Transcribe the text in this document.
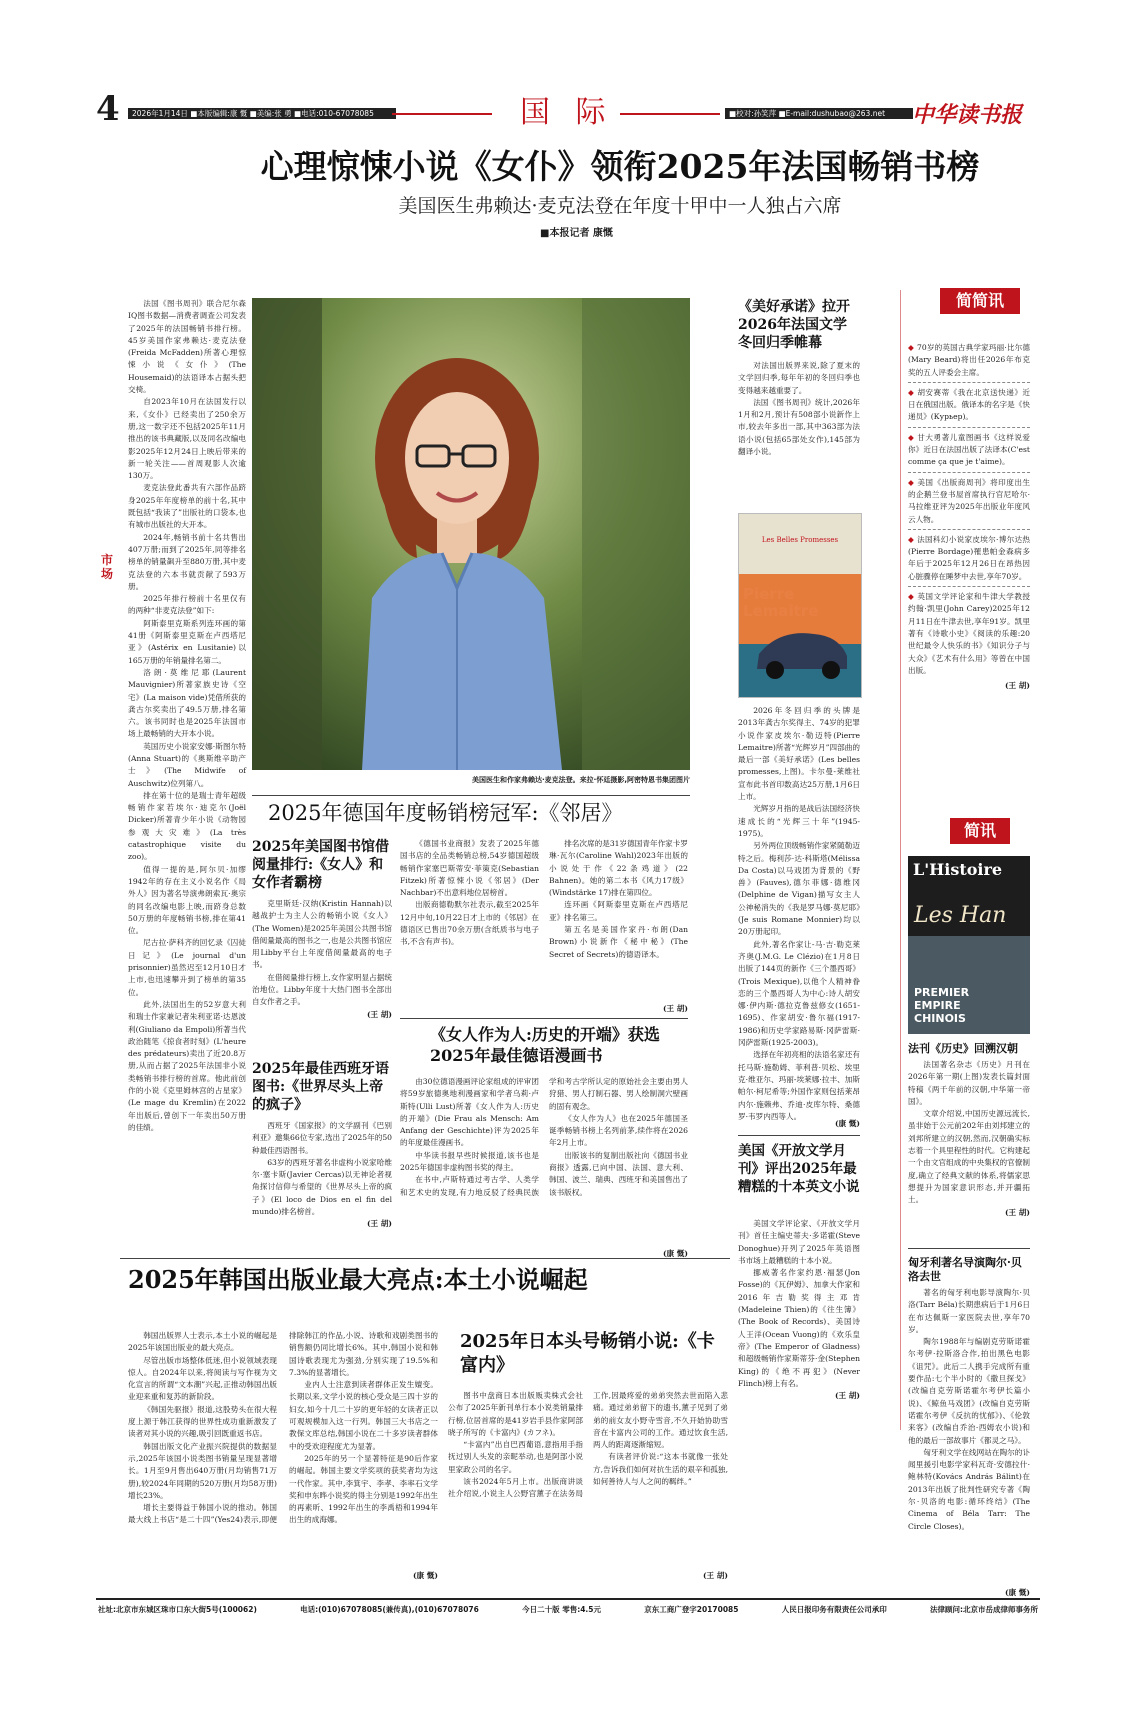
4	2026年1月14日 ■本版编辑:康 慨 ■美编:张 勇 ■电话:010-67078085	国 际	■校对:孙笑萍 ■E-mail:dushubao@263.net	中华读书报
心理惊悚小说《女仆》领衔2025年法国畅销书榜
美国医生弗赖达·麦克法登在年度十甲中一人独占六席
■本报记者 康慨
市场

法国《图书周刊》联合尼尔森IQ图书数据—消费者调查公司发表了2025年的法国畅销书排行榜。45岁美国作家弗赖达·麦克法登(Freida McFadden)所著心理惊悚小说《女仆》(The Housemaid)的法语译本占据头把交椅。

自2023年10月在法国发行以来,《女仆》已经卖出了250余万册,这一数字还不包括2025年11月推出的该书典藏版,以及同名改编电影2025年12月24日上映后带来的新一轮关注——首周观影人次逾130万。

麦克法登此番共有六部作品跻身2025年年度榜单的前十名,其中既包括“我读了”出版社的口袋本,也有城市出版社的大开本。

2024年,畅销书前十名共售出407万册;而到了2025年,同等排名榜单的销量飙升至880万册,其中麦克法登的六本书就贡献了593万册。

2025年排行榜前十名里仅有的两种“非麦克法登”如下:

阿斯泰里克斯系列连环画的第41册《阿斯泰里克斯在卢西塔尼亚》(Astérix en Lusitanie)以165万册的年销量排名第二。

洛朗·莫维尼耶(Laurent Mauvignier)所著家族史诗《空宅》(La maison vide)凭借所获的龚古尔奖卖出了49.5万册,排名第六。该书同时也是2025年法国市场上最畅销的大开本小说。

英国历史小说家安娜·斯图尔特(Anna Stuart)的《奥斯维辛助产士》(The Midwife of Auschwitz)位列第八。

排在第十位的是瑞士青年超级畅销作家若埃尔·迪克尔(Joël Dicker)所著青少年小说《动物园参观大灾难》(La très catastrophique visite du zoo)。

值得一提的是,阿尔贝·加缪1942年的存在主义小说名作《局外人》因为著名导演弗朗索瓦·奥宗的同名改编电影上映,而跻身总数50万册的年度畅销书榜,排在第41位。

尼古拉·萨科齐的回忆录《囚徒日记》(Le journal d'un prisonnier)虽然迟至12月10日才上市,也迅速攀升到了榜单的第35位。

此外,法国出生的52岁意大利和瑞士作家兼记者朱利亚诺·达恩波利(Giuliano da Empoli)所著当代政治随笔《掠食者时刻》(L'heure des prédateurs)卖出了近20.8万册,从而占据了2025年法国非小说类畅销书排行榜的首席。他此前创作的小说《克里姆林宫的占星家》(Le mage du Kremlin)在2022年出版后,曾创下一年卖出50万册的佳绩。

美国医生和作家弗赖达·麦克法登。来拉·怀廷摄影,阿密特恩书集团图片
2025年德国年度畅销榜冠军:《邻居》
2025年美国图书馆借阅量排行:《女人》和女作者霸榜

克里斯廷·汉纳(Kristin Hannah)以越战护士为主人公的畅销小说《女人》(The Women)是2025年美国公共图书馆借阅量最高的图书之一,也是公共图书馆应用Libby平台上年度借阅量最高的电子书。

在借阅量排行榜上,女作家明显占据统治地位。Libby年度十大热门图书全部出自女作者之手。

(王 胡)
2025年最佳西班牙语图书:《世界尽头上帝的疯子》

西班牙《国家报》的文学副刊《巴别利亚》邀集66位专家,选出了2025年的50种最佳西语图书。

63岁的西班牙著名非虚构小说家哈维尔·塞卡斯(Javier Cercas)以无神论者视角探讨信仰与希望的《世界尽头上帝的疯子》(El loco de Dios en el fin del mundo)排名榜首。

(王 胡)

《德国书业商报》发表了2025年德国书店的全品类畅销总榜,54岁德国超级畅销作家塞巴斯蒂安·菲策克(Sebastian Fitzek)所著惊悚小说《邻居》(Der Nachbar)不出意料地位居榜首。

出版商德勒默尔社表示,截至2025年12月中旬,10月22日才上市的《邻居》在德语区已售出70余万册(含纸质书与电子书,不含有声书)。

排名次席的是31岁德国青年作家卡罗琳·瓦尔(Caroline Wahl)2023年出版的小说处于作《22条鸡道》(22 Bahnen)。她的第二本书《风力17级》(Windstärke 17)排在第四位。

连环画《阿斯泰里克斯在卢西塔尼亚》排名第三。

第五名是美国作家丹·布朗(Dan Brown)小说新作《秘中秘》(The Secret of Secrets)的德语译本。

(王 胡)
《女人作为人:历史的开端》获选2025年最佳德语漫画书

由30位德语漫画评论家组成的评审团将59岁旅德奥地利漫画家和学者乌莉·卢斯特(Ulli Lust)所著《女人作为人:历史的开端》(Die Frau als Mensch: Am Anfang der Geschichte)评为2025年的年度最佳漫画书。

中华读书报早些时候报道,该书也是2025年德国非虚构图书奖的得主。

在书中,卢斯特通过考古学、人类学和艺术史的发现,有力地反驳了经典民族学和考古学所认定的原始社会主要由男人狩猎、男人打制石器、男人绘制洞穴壁画的固有观念。

《女人作为人》也在2025年德国圣诞季畅销书榜上名列前茅,续作将在2026年2月上市。

出版该书的复制出版社向《德国书业商报》透露,已向中国、法国、意大利、韩国、波兰、瑞典、西班牙和美国售出了该书版权。

(康 慨)
《美好承诺》拉开2026年法国文学冬回归季帷幕

对法国出版界来说,除了夏末的文学回归季,每年年初的冬回归季也变得越来越重要了。

法国《图书周刊》统计,2026年1月和2月,预计有508部小说新作上市,较去年多出一部,其中363部为法语小说(包括65部处女作),145部为翻译小说。

Les Belles Promesses

2026年冬回归季的头牌是2013年龚古尔奖得主、74岁的犯罪小说作家皮埃尔·勒迈特(Pierre Lemaitre)所著“光辉岁月”四部曲的最后一部《美好承诺》(Les belles promesses,上图)。卡尔曼-莱维社宣布此书首印数高达25万册,1月6日上市。

光辉岁月指的是战后法国经济快速成长的“光辉三十年”(1945-1975)。

另外两位顶级畅销作家紧随勒迈特之后。梅利莎·达·科斯塔(Mélissa Da Costa)以马戏团为背景的《野兽》(Fauves),德尔菲娜·德维冈(Delphine de Vigan)描写女主人公神秘消失的《我是罗马娜·莫尼耶》(Je suis Romane Monnier)均以20万册起印。

此外,著名作家让-马·吉·勒克莱齐奥(J.M.G. Le Clézio)在1月8日出版了144页的新作《三个墨西哥》(Trois Mexique),以他个人精神眷恋的三个墨西哥人为中心:诗人胡安娜·伊内斯·德拉克鲁兹修女(1651-1695)、作家胡安·鲁尔福(1917-1986)和历史学家路易斯·冈萨雷斯·冈萨雷斯(1925-2003)。

选择在年初亮相的法语名家还有托马斯·施勒姆、菲利普·贝松、埃里克·维亚尔、玛丽-埃莱娜·拉丰、加斯帕尔·柯尼希等;外国作家则包括莱昂内尔·施赖弗、乔迪·皮库尔特、桑德罗·韦罗内西等人。

(康 慨)
美国《开放文学月刊》评出2025年最糟糕的十本英文小说

美国文学评论家、《开放文学月刊》首任主编史蒂夫·多诺霍(Steve Donoghue)开列了2025年英语图书市场上最糟糕的十本小说。

挪威著名作家约恩·福瑟(Jon Fosse)的《瓦伊姆》、加拿大作家和2016年吉勒奖得主邓肯(Madeleine Thien)的《往生簿》(The Book of Records)、美国诗人王洋(Ocean Vuong)的《欢乐皇帝》(The Emperor of Gladness)和超级畅销作家斯蒂芬·金(Stephen King)的《绝不再犯》(Never Flinch)榜上有名。

(王 胡)
简简讯
◆ 70岁的英国古典学家玛丽·比尔德(Mary Beard)将出任2026年布克奖的五人评委会主席。
◆ 胡安赛蒂《我在北京送快递》近日在俄国出版。俄译本的名字是《快递员》(Курьер)。
◆ 甘大勇著儿童图画书《这样说爱你》近日在法国出版了法译本(C'est comme ça que je t'aime)。
◆ 美国《出版商周刊》将印度出生的企鹅兰登书屋首席执行官尼哈尔·马拉维亚评为2025年出版业年度风云人物。
◆ 法国科幻小说家皮埃尔·博尔达热(Pierre Bordage)罹患帕金森病多年后于2025年12月26日在昂热因心脏骤停在睡梦中去世,享年70岁。
◆ 英国文学评论家和牛津大学教授约翰·凯里(John Carey)2025年12月11日在牛津去世,享年91岁。凯里著有《诗歌小史》《阅读的乐趣:20世纪最令人快乐的书》《知识分子与大众》《艺术有什么用》等曾在中国出版。
(王 胡)
简讯
L'Histoire
Les Han
PREMIER EMPIRE CHINOIS
法刊《历史》回溯汉朝

法国著名杂志《历史》月刊在2026年第一期(上图)发表长篇封面特稿《两千年前的汉朝,中华第一帝国》。

文章介绍说,中国历史源远流长,虽非始于公元前202年由刘邦建立的刘邦所建立的汉朝,然而,汉朝确实标志着一个具里程性的时代。它构建起一个由文官组成的中央集权的官僚制度,确立了经典文献的体系,将儒家思想提升为国家意识形态,并开疆拓土。

(王 胡)
匈牙利著名导演陶尔·贝洛去世

著名的匈牙利电影导演陶尔·贝洛(Tarr Béla)长期患病后于1月6日在布达佩斯一家医院去世,享年70岁。

陶尔1988年与编剧克劳斯诺霍尔考伊·拉斯洛合作,拍出黑色电影《诅咒》。此后二人携手完成所有重要作品:七个半小时的《撒旦探戈》(改编自克劳斯诺霍尔考伊长篇小说)、《鲸鱼马戏团》(改编自克劳斯诺霍尔考伊《反抗的忧郁》)、《伦敦来客》(改编自乔治·西姆农小说)和他的最后一部故事片《都灵之马》。

匈牙利文学在线网站在陶尔的讣闻里援引电影学家科瓦奇·安德拉什·鲍林特(Kovács András Bálint)在2013年出版了批判性研究专著《陶尔·贝洛的电影:循环终结》(The Cinema of Béla Tarr: The Circle Closes)。

(康 慨)
2025年韩国出版业最大亮点:本土小说崛起

韩国出版界人士表示,本土小说的崛起是2025年该国出版业的最大亮点。

尽管出版市场整体低迷,但小说领域表现惊人。自2024年以来,将阅读与写作视为文化宣言的所谓“文本潮”兴起,正推动韩国出版业迎来重和复苏的新阶段。

《韩国先驱报》报道,这股势头在很大程度上源于韩江获得的世界性成功重新激发了读者对其小说的兴趣,吸引回既重返书店。

韩国出版文化产业振兴院提供的数据显示,2025年该国小说类图书销量呈现显著增长。1月至9月售出640万册(月均销售71万册),较2024年同期的520万册(月均58万册)增长23%。

增长主要得益于韩国小说的推动。韩国最大线上书店“是二十四”(Yes24)表示,即便排除韩江的作品,小说、诗歌和戏剧类图书的销售额仍同比增长6%。其中,韩国小说和韩国诗歌表现尤为强劲,分别实现了19.5%和7.3%的显著增长。

业内人士注意到读者群体正发生嬗变。长期以来,文学小说的核心受众是三四十岁的妇女,如今十几二十岁的更年轻的女读者正以可观规模加入这一行列。韩国三大书店之一教保文库总结,韩国小说在二十多岁读者群体中的受欢迎程度尤为显著。

2025年的另一个显著特征是90后作家的崛起。韩国主要文学奖项的获奖者均为这一代作家。其中,李箕宇、李孝、李率石文学奖和申东晔小说奖的得主分别是1992年出生的再素昕、1992年出生的李禹梧和1994年出生的成海娜。

(康 慨)
2025年日本头号畅销小说:《卡富内》

图书中盘商日本出版贩卖株式会社公布了2025年新刊单行本小说类销量排行榜,位居首席的是41岁岩手县作家阿部晓子所写的《卡富内》(カフネ)。

“卡富内”出自巴西葡语,意指用手指抚过别人头发的亲昵举动,也是阿部小说里家政公司的名字。

该书2024年5月上市。出版商讲谈社介绍说,小说主人公野宫薰子在法务局工作,因最疼爱的弟弟突然去世而陷入悲痛。通过弟弟留下的遗书,薰子见到了弟弟的前女友小野寺雪音,不久开始协助雪音在卡富内公司的工作。通过饮食生活,两人的距离逐渐缩短。

有读者评价说:“这本书就像一张处方,告诉我们如何对抗生活的艰辛和孤独,如何善待人与人之间的羁绊。”

(王 胡)
社址:北京市东城区珠市口东大街5号(100062)	电话:(010)67078085(兼传真),(010)67078076	今日二十版 零售:4.5元	京东工商广登字20170085	人民日报印务有限责任公司承印	法律顾问:北京市岳成律师事务所
